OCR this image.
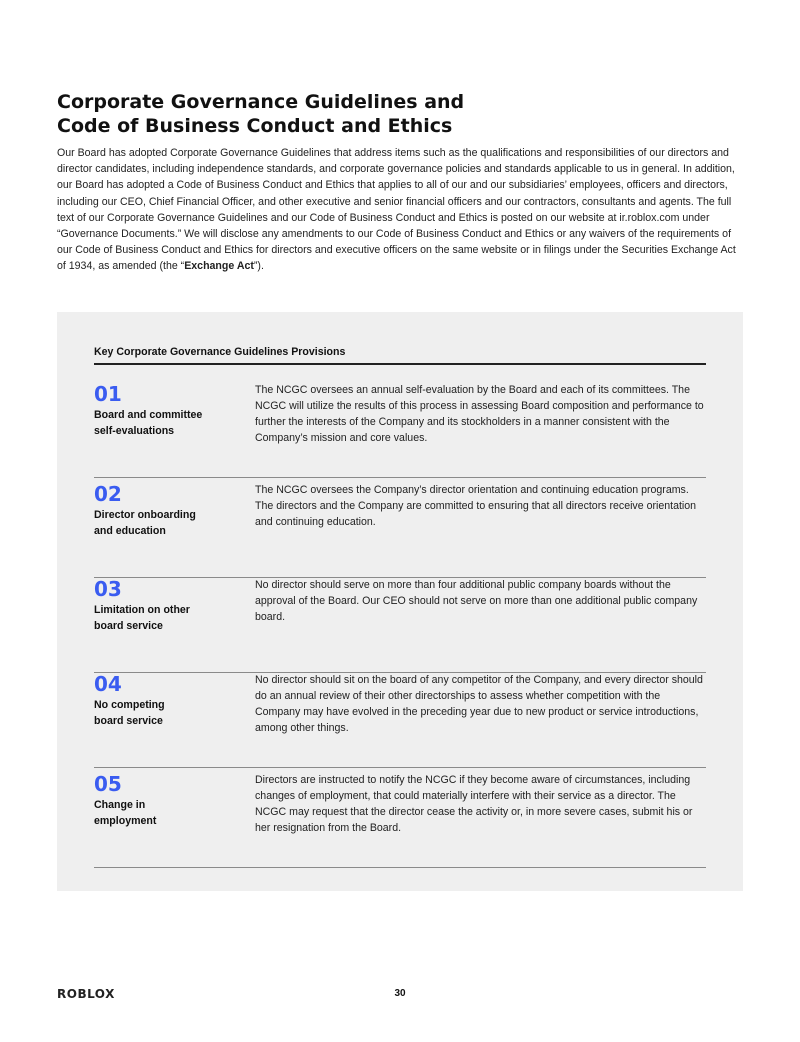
Corporate Governance Guidelines and
Code of Business Conduct and Ethics

Our Board has adopted Corporate Governance Guidelines that address items such as the qualifications and responsibilities of our directors and director candidates, including independence standards, and corporate governance policies and standards applicable to us in general. In addition, our Board has adopted a Code of Business Conduct and Ethics that applies to all of our and our subsidiaries’ employees, officers and directors, including our CEO, Chief Financial Officer, and other executive and senior financial officers and our contractors, consultants and agents. The full text of our Corporate Governance Guidelines and our Code of Business Conduct and Ethics is posted on our website at ir.roblox.com under “Governance Documents.” We will disclose any amendments to our Code of Business Conduct and Ethics or any waivers of the requirements of our Code of Business Conduct and Ethics for directors and executive officers on the same website or in filings under the Securities Exchange Act of 1934, as amended (the “Exchange Act”).

Key Corporate Governance Guidelines Provisions
01
Board and committee
self-evaluations
The NCGC oversees an annual self-evaluation by the Board and each of its committees. The NCGC will utilize the results of this process in assessing Board composition and performance to further the interests of the Company and its stockholders in a manner consistent with the Company’s mission and core values.
02
Director onboarding
and education
The NCGC oversees the Company’s director orientation and continuing education programs. The directors and the Company are committed to ensuring that all directors receive orientation and continuing education.
03
Limitation on other
board service
No director should serve on more than four additional public company boards without the approval of the Board. Our CEO should not serve on more than one additional public company board.
04
No competing
board service
No director should sit on the board of any competitor of the Company, and every director should do an annual review of their other directorships to assess whether competition with the Company may have evolved in the preceding year due to new product or service introductions, among other things.
05
Change in
employment
Directors are instructed to notify the NCGC if they become aware of circumstances, including changes of employment, that could materially interfere with their service as a director. The NCGC may request that the director cease the activity or, in more severe cases, submit his or her resignation from the Board.
ROBLOX	30
